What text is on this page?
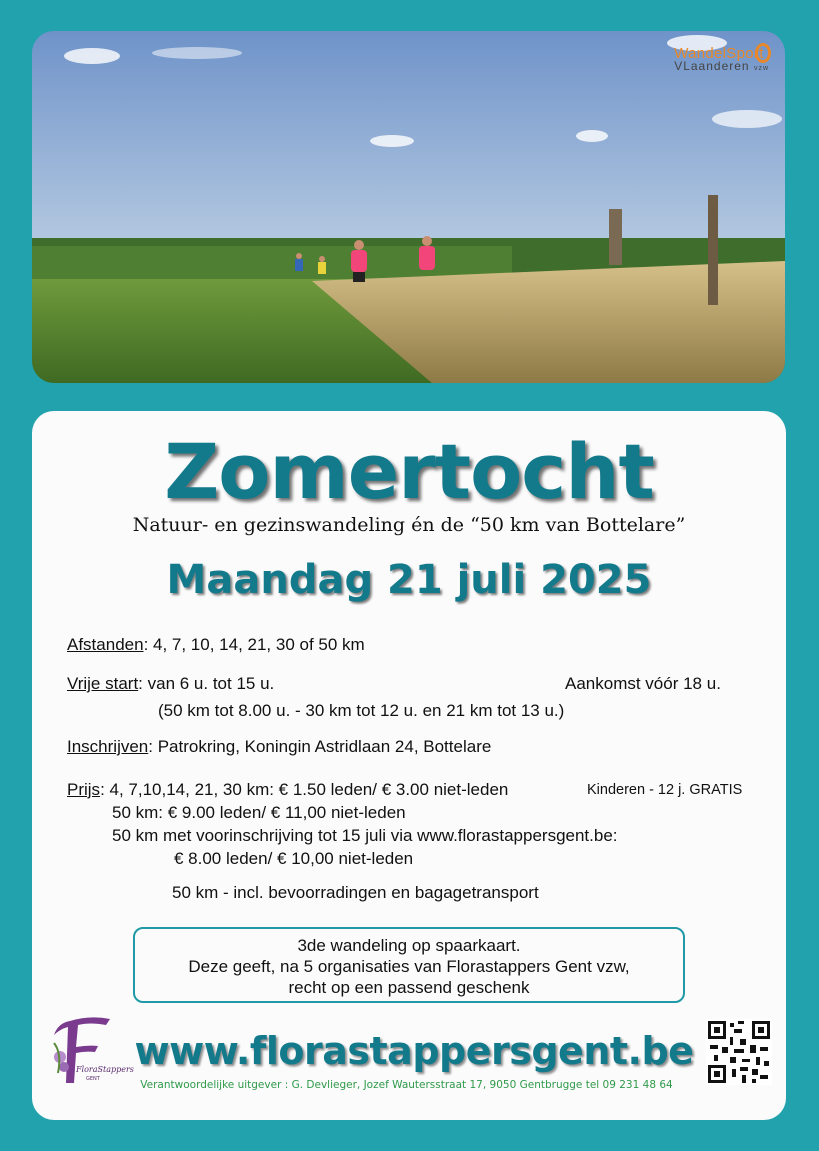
WandelSport
VLaanderen vzw
Zomertocht
Natuur- en gezinswandeling én de “50 km van Bottelare”
Maandag 21 juli 2025
Afstanden: 4, 7, 10, 14, 21, 30 of 50 km
Vrije start: van 6 u. tot 15 u.	Aankomst vóór 18 u.
(50 km tot 8.00 u. - 30 km tot 12 u. en 21 km tot 13 u.)
Inschrijven: Patrokring, Koningin Astridlaan 24, Bottelare
Prijs: 4, 7,10,14, 21, 30 km: € 1.50 leden/ € 3.00 niet-leden	Kinderen - 12 j. GRATIS
50 km: € 9.00 leden/ € 11,00 niet-leden
50 km met voorinschrijving tot 15 juli via www.florastappersgent.be:
€ 8.00 leden/ € 10,00 niet-leden
50 km - incl. bevoorradingen en bagagetransport
3de wandeling op spaarkaart.
Deze geeft, na 5 organisaties van Florastappers Gent vzw,
recht op een passend geschenk
FloraStappers
GENT
www.florastappersgent.be
Verantwoordelijke uitgever : G. Devlieger, Jozef Wautersstraat 17, 9050 Gentbrugge tel 09 231 48 64
